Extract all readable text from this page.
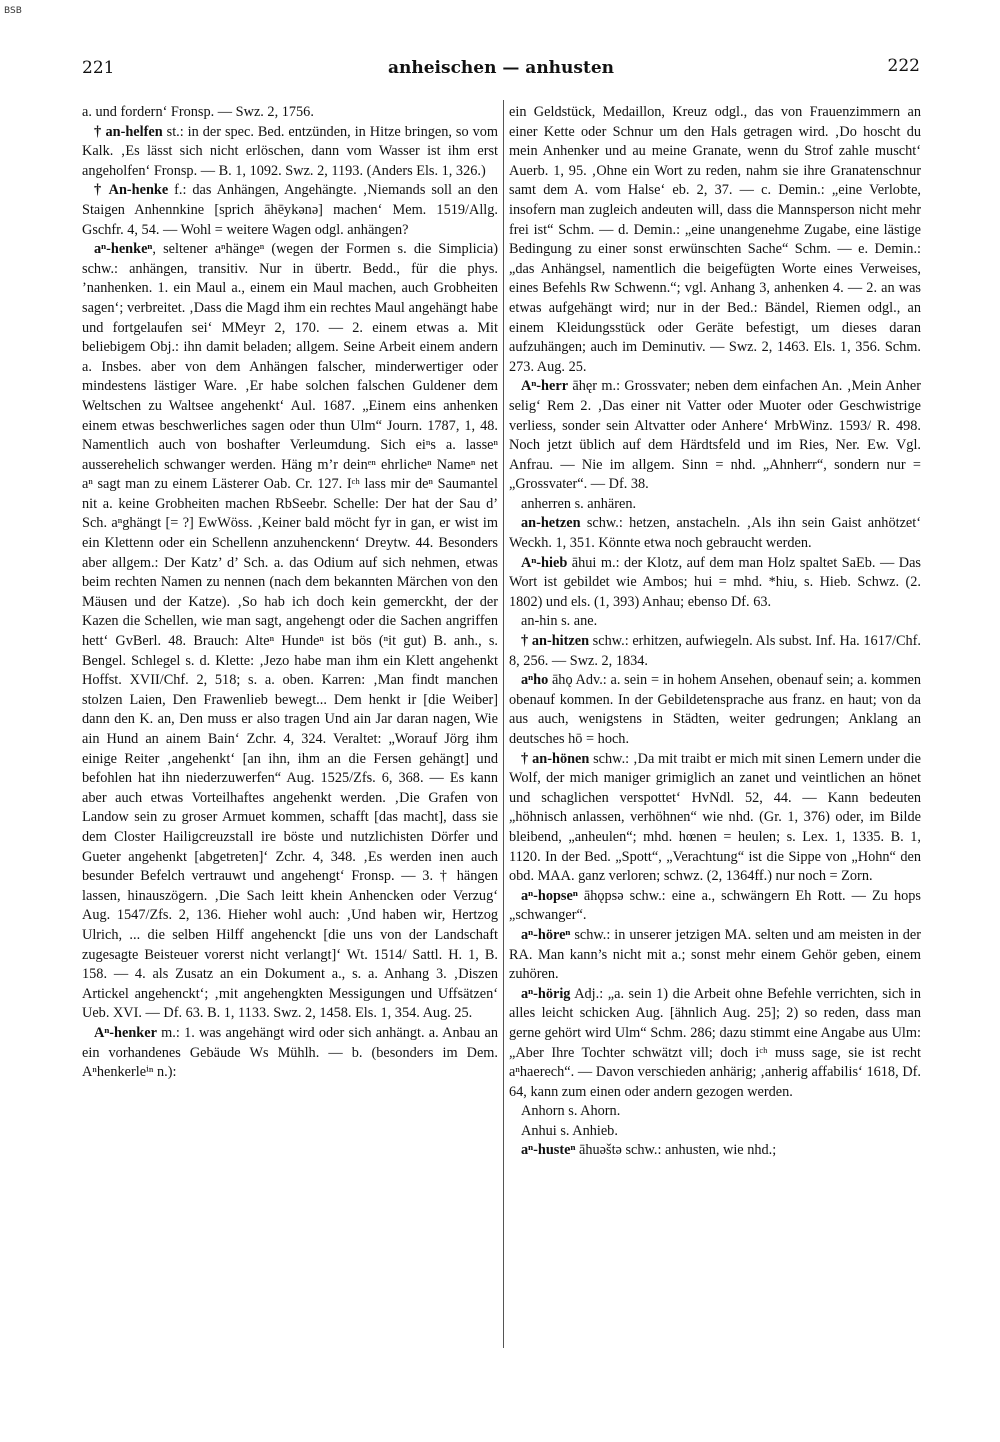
BSB
221	anheischen — anhusten	222

a. und fordern‘ Fronsp. — Swz. 2, 1756.

† an-helfen st.: in der spec. Bed. entzünden, in Hitze bringen, so vom Kalk. ‚Es lässt sich nicht erlöschen, dann vom Wasser ist ihm erst angeholfen‘ Fronsp. — B. 1, 1092. Swz. 2, 1193. (Anders Els. 1, 326.)

† An-henke f.: das Anhängen, Angehängte. ‚Niemands soll an den Staigen Anhennkine [sprich āhēykənə] machen‘ Mem. 1519/Allg. Gschfr. 4, 54. — Wohl = weitere Wagen odgl. anhängen?

aⁿ-henkeⁿ, seltener aⁿhängeⁿ (wegen der Formen s. die Simplicia) schw.: anhängen, transitiv. Nur in übertr. Bedd., für die phys. ’nanhenken. 1. ein Maul a., einem ein Maul machen, auch Grobheiten sagen‘; verbreitet. ‚Dass die Magd ihm ein rechtes Maul angehängt habe und fortgelaufen sei‘ MMeyr 2, 170. — 2. einem etwas a. Mit beliebigem Obj.: ihn damit beladen; allgem. Seine Arbeit einem andern a. Insbes. aber von dem Anhängen falscher, minderwertiger oder mindestens lästiger Ware. ‚Er habe solchen falschen Guldener dem Weltschen zu Waltsee angehenkt‘ Aul. 1687. „Einem eins anhenken einem etwas beschwerliches sagen oder thun Ulm“ Journ. 1787, 1, 48. Namentlich auch von boshafter Verleumdung. Sich eiⁿs a. lasseⁿ ausserehelich schwanger werden. Häng m’r deinᵉⁿ ehrlicheⁿ Nameⁿ net aⁿ sagt man zu einem Lästerer Oab. Cr. 127. Iᶜʰ lass mir deⁿ Saumantel nit a. keine Grobheiten machen RbSeebr. Schelle: Der hat der Sau d’ Sch. aⁿghängt [= ?] EwWöss. ‚Keiner bald möcht fyr in gan, er wist im ein Klettenn oder ein Schellenn anzuhenckenn‘ Dreytw. 44. Besonders aber allgem.: Der Katz’ d’ Sch. a. das Odium auf sich nehmen, etwas beim rechten Namen zu nennen (nach dem bekannten Märchen von den Mäusen und der Katze). ‚So hab ich doch kein gemerckht, der der Kazen die Schellen, wie man sagt, angehengt oder die Sachen angriffen hett‘ GvBerl. 48. Brauch: Alteⁿ Hundeⁿ ist bös (ⁿit gut) B. anh., s. Bengel. Schlegel s. d. Klette: ‚Jezo habe man ihm ein Klett angehenkt Hoffst. XVII/Chf. 2, 518; s. a. oben. Karren: ‚Man findt manchen stolzen Laien, Den Frawenlieb bewegt... Dem henkt ir [die Weiber] dann den K. an, Den muss er also tragen Und ain Jar daran nagen, Wie ain Hund an ainem Bain‘ Zchr. 4, 324. Veraltet: „Worauf Jörg ihm einige Reiter ‚angehenkt‘ [an ihn, ihm an die Fersen gehängt] und befohlen hat ihn niederzuwerfen“ Aug. 1525/Zfs. 6, 368. — Es kann aber auch etwas Vorteilhaftes angehenkt werden. ‚Die Grafen von Landow sein zu groser Armuet kommen, schafft [das macht], dass sie dem Closter Hailigcreuzstall ire böste und nutzlichisten Dörfer und Gueter angehenkt [abgetreten]‘ Zchr. 4, 348. ‚Es werden inen auch besunder Befelch vertrauwt und angehengt‘ Fronsp. — 3. † hängen lassen, hinauszögern. ‚Die Sach leitt khein Anhencken oder Verzug‘ Aug. 1547/Zfs. 2, 136. Hieher wohl auch: ‚Und haben wir, Hertzog Ulrich, ... die selben Hilff angehenckt [die uns von der Landschaft zugesagte Beisteuer vorerst nicht verlangt]‘ Wt. 1514/ Sattl. H. 1, B. 158. — 4. als Zusatz an ein Dokument a., s. a. Anhang 3. ‚Diszen Artickel angehenckt‘; ‚mit angehengkten Messigungen und Uffsätzen‘ Ueb. XVI. — Df. 63. B. 1, 1133. Swz. 2, 1458. Els. 1, 354. Aug. 25.

Aⁿ-henker m.: 1. was angehängt wird oder sich anhängt. a. Anbau an ein vorhandenes Gebäude Ws Mühlh. — b. (besonders im Dem. Aⁿhenkerleⁱⁿ n.):

ein Geldstück, Medaillon, Kreuz odgl., das von Frauenzimmern an einer Kette oder Schnur um den Hals getragen wird. ‚Do hoscht du mein Anhenker und au meine Granate, wenn du Strof zahle muscht‘ Auerb. 1, 95. ‚Ohne ein Wort zu reden, nahm sie ihre Granatenschnur samt dem A. vom Halse‘ eb. 2, 37. — c. Demin.: „eine Verlobte, insofern man zugleich andeuten will, dass die Mannsperson nicht mehr frei ist“ Schm. — d. Demin.: „eine unangenehme Zugabe, eine lästige Bedingung zu einer sonst erwünschten Sache“ Schm. — e. Demin.: „das Anhängsel, namentlich die beigefügten Worte eines Verweises, eines Befehls Rw Schwenn.“; vgl. Anhang 3, anhenken 4. — 2. an was etwas aufgehängt wird; nur in der Bed.: Bändel, Riemen odgl., an einem Kleidungsstück oder Geräte befestigt, um dieses daran aufzuhängen; auch im Deminutiv. — Swz. 2, 1463. Els. 1, 356. Schm. 273. Aug. 25.

Aⁿ-herr āhęr m.: Grossvater; neben dem einfachen An. ‚Mein Anher selig‘ Rem 2. ‚Das einer nit Vatter oder Muoter oder Geschwistrige verliess, sonder sein Altvatter oder Anhere‘ MrbWinz. 1593/ R. 498. Noch jetzt üblich auf dem Härdtsfeld und im Ries, Ner. Ew. Vgl. Anfrau. — Nie im allgem. Sinn = nhd. „Ahnherr“, sondern nur = „Grossvater“. — Df. 38.

anherren s. anhären.

an-hetzen schw.: hetzen, anstacheln. ‚Als ihn sein Gaist anhötzet‘ Weckh. 1, 351. Könnte etwa noch gebraucht werden.

Aⁿ-hieb āhui m.: der Klotz, auf dem man Holz spaltet SaEb. — Das Wort ist gebildet wie Ambos; hui = mhd. *hiu, s. Hieb. Schwz. (2. 1802) und els. (1, 393) Anhau; ebenso Df. 63.

an-hin s. ane.

† an-hitzen schw.: erhitzen, aufwiegeln. Als subst. Inf. Ha. 1617/Chf. 8, 256. — Swz. 2, 1834.

aⁿho āhǫ Adv.: a. sein = in hohem Ansehen, obenauf sein; a. kommen obenauf kommen. In der Gebildetensprache aus franz. en haut; von da aus auch, wenigstens in Städten, weiter gedrungen; Anklang an deutsches hō = hoch.

† an-hönen schw.: ‚Da mit traibt er mich mit sinen Lemern under die Wolf, der mich maniger grimiglich an zanet und veintlichen an hönet und schaglichen verspottet‘ HvNdl. 52, 44. — Kann bedeuten „höhnisch anlassen, verhöhnen“ wie nhd. (Gr. 1, 376) oder, im Bilde bleibend, „anheulen“; mhd. hœnen = heulen; s. Lex. 1, 1335. B. 1, 1120. In der Bed. „Spott“, „Verachtung“ ist die Sippe von „Hohn“ den obd. MAA. ganz verloren; schwz. (2, 1364ff.) nur noch = Zorn.

aⁿ-hopseⁿ āhǫpsə schw.: eine a., schwängern Eh Rott. — Zu hops „schwanger“.

aⁿ-höreⁿ schw.: in unserer jetzigen MA. selten und am meisten in der RA. Man kann’s nicht mit a.; sonst mehr einem Gehör geben, einem zuhören.

aⁿ-hörig Adj.: „a. sein 1) die Arbeit ohne Befehle verrichten, sich in alles leicht schicken Aug. [ähnlich Aug. 25]; 2) so reden, dass man gerne gehört wird Ulm“ Schm. 286; dazu stimmt eine Angabe aus Ulm: „Aber Ihre Tochter schwätzt vill; doch iᶜʰ muss sage, sie ist recht aⁿhaerech“. — Davon verschieden anhärig; ‚anherig affabilis‘ 1618, Df. 64, kann zum einen oder andern gezogen werden.

Anhorn s. Ahorn.

Anhui s. Anhieb.

aⁿ-husteⁿ āhuəštə schw.: anhusten, wie nhd.;
